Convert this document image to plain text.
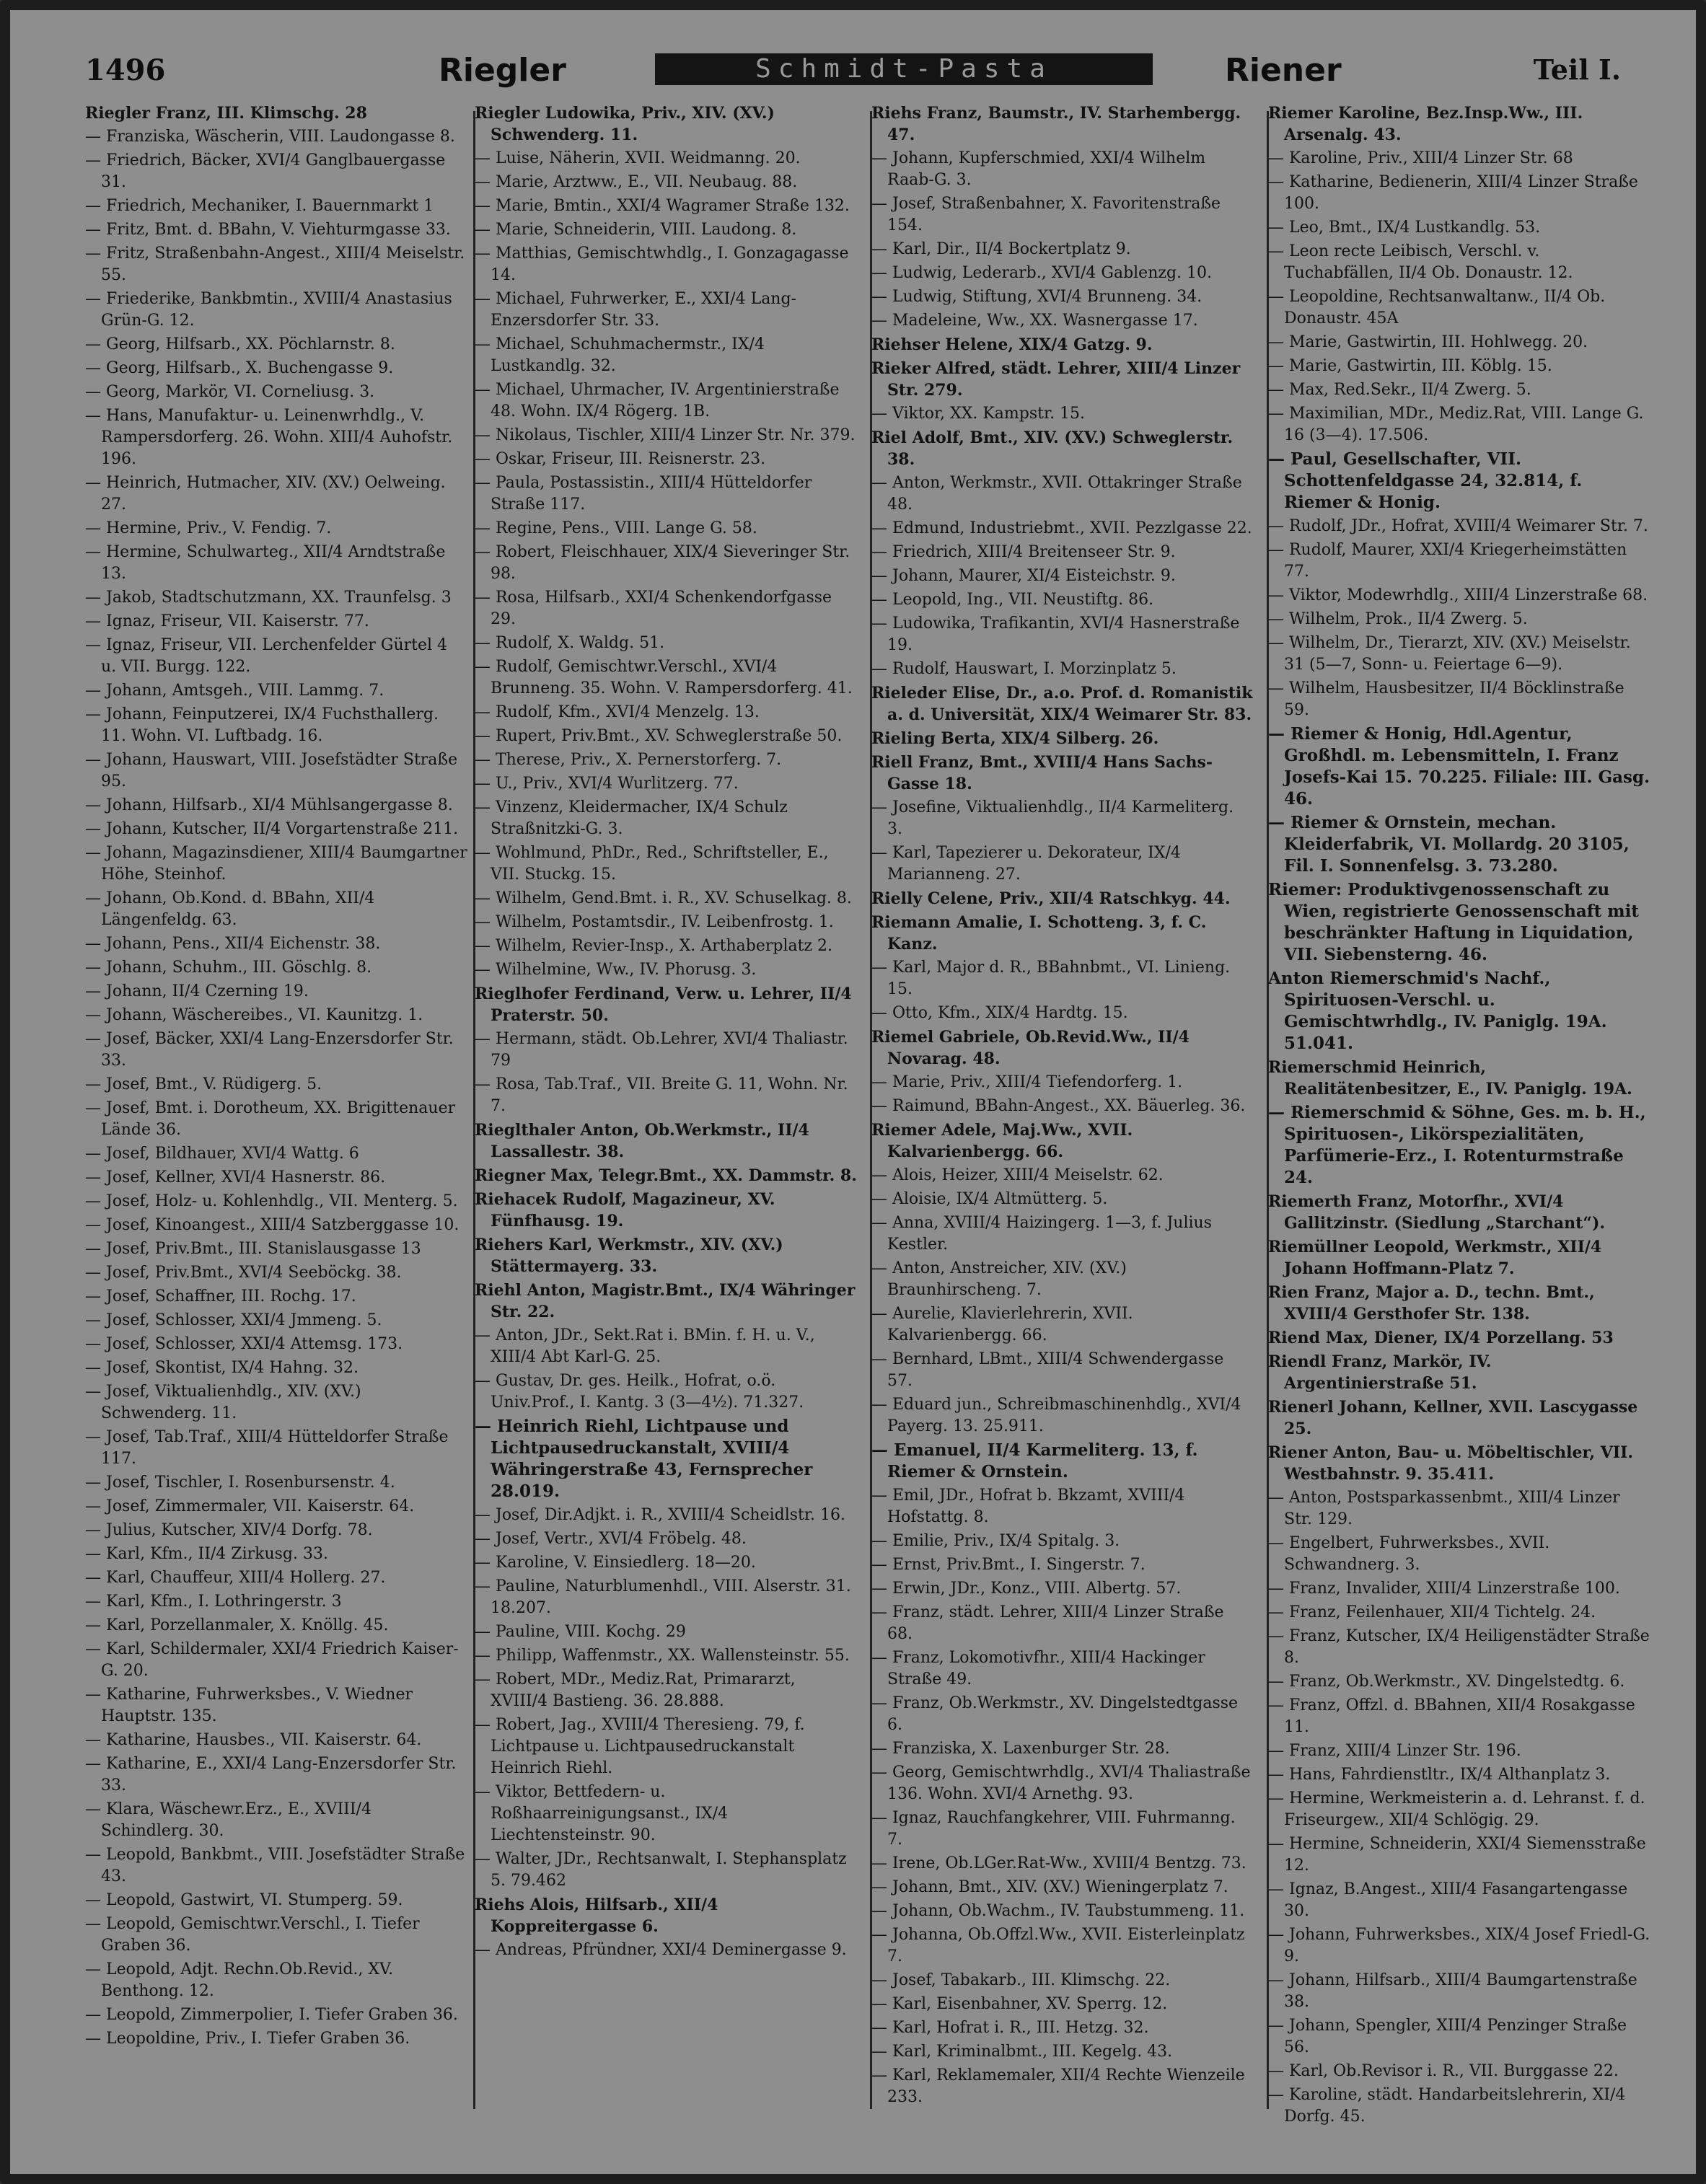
1496	Riegler	Schmidt-Pasta	Riener	Teil I.
Riegler Franz, III. Klimschg. 28
— Franziska, Wäscherin, VIII. Laudongasse 8.
— Friedrich, Bäcker, XVI/4 Ganglbauergasse 31.
— Friedrich, Mechaniker, I. Bauernmarkt 1
— Fritz, Bmt. d. BBahn, V. Viehturmgasse 33.
— Fritz, Straßenbahn-Angest., XIII/4 Meiselstr. 55.
— Friederike, Bankbmtin., XVIII/4 Anastasius Grün-G. 12.
— Georg, Hilfsarb., XX. Pöchlarnstr. 8.
— Georg, Hilfsarb., X. Buchengasse 9.
— Georg, Markör, VI. Corneliusg. 3.
— Hans, Manufaktur- u. Leinenwrhdlg., V. Rampersdorferg. 26. Wohn. XIII/4 Auhofstr. 196.
— Heinrich, Hutmacher, XIV. (XV.) Oelweing. 27.
— Hermine, Priv., V. Fendig. 7.
— Hermine, Schulwarteg., XII/4 Arndtstraße 13.
— Jakob, Stadtschutzmann, XX. Traunfelsg. 3
— Ignaz, Friseur, VII. Kaiserstr. 77.
— Ignaz, Friseur, VII. Lerchenfelder Gürtel 4 u. VII. Burgg. 122.
— Johann, Amtsgeh., VIII. Lammg. 7.
— Johann, Feinputzerei, IX/4 Fuchsthallerg. 11. Wohn. VI. Luftbadg. 16.
— Johann, Hauswart, VIII. Josefstädter Straße 95.
— Johann, Hilfsarb., XI/4 Mühlsangergasse 8.
— Johann, Kutscher, II/4 Vorgartenstraße 211.
— Johann, Magazinsdiener, XIII/4 Baumgartner Höhe, Steinhof.
— Johann, Ob.Kond. d. BBahn, XII/4 Längenfeldg. 63.
— Johann, Pens., XII/4 Eichenstr. 38.
— Johann, Schuhm., III. Göschlg. 8.
— Johann, II/4 Czerning 19.
— Johann, Wäschereibes., VI. Kaunitzg. 1.
— Josef, Bäcker, XXI/4 Lang-Enzersdorfer Str. 33.
— Josef, Bmt., V. Rüdigerg. 5.
— Josef, Bmt. i. Dorotheum, XX. Brigittenauer Lände 36.
— Josef, Bildhauer, XVI/4 Wattg. 6
— Josef, Kellner, XVI/4 Hasnerstr. 86.
— Josef, Holz- u. Kohlenhdlg., VII. Menterg. 5.
— Josef, Kinoangest., XIII/4 Satzberggasse 10.
— Josef, Priv.Bmt., III. Stanislausgasse 13
— Josef, Priv.Bmt., XVI/4 Seeböckg. 38.
— Josef, Schaffner, III. Rochg. 17.
— Josef, Schlosser, XXI/4 Jmmeng. 5.
— Josef, Schlosser, XXI/4 Attemsg. 173.
— Josef, Skontist, IX/4 Hahng. 32.
— Josef, Viktualienhdlg., XIV. (XV.) Schwenderg. 11.
— Josef, Tab.Traf., XIII/4 Hütteldorfer Straße 117.
— Josef, Tischler, I. Rosenbursenstr. 4.
— Josef, Zimmermaler, VII. Kaiserstr. 64.
— Julius, Kutscher, XIV/4 Dorfg. 78.
— Karl, Kfm., II/4 Zirkusg. 33.
— Karl, Chauffeur, XIII/4 Hollerg. 27.
— Karl, Kfm., I. Lothringerstr. 3
— Karl, Porzellanmaler, X. Knöllg. 45.
— Karl, Schildermaler, XXI/4 Friedrich Kaiser-G. 20.
— Katharine, Fuhrwerksbes., V. Wiedner Hauptstr. 135.
— Katharine, Hausbes., VII. Kaiserstr. 64.
— Katharine, E., XXI/4 Lang-Enzersdorfer Str. 33.
— Klara, Wäschewr.Erz., E., XVIII/4 Schindlerg. 30.
— Leopold, Bankbmt., VIII. Josefstädter Straße 43.
— Leopold, Gastwirt, VI. Stumperg. 59.
— Leopold, Gemischtwr.Verschl., I. Tiefer Graben 36.
— Leopold, Adjt. Rechn.Ob.Revid., XV. Benthong. 12.
— Leopold, Zimmerpolier, I. Tiefer Graben 36.
— Leopoldine, Priv., I. Tiefer Graben 36.
Riegler Ludowika, Priv., XIV. (XV.) Schwenderg. 11.
— Luise, Näherin, XVII. Weidmanng. 20.
— Marie, Arztww., E., VII. Neubaug. 88.
— Marie, Bmtin., XXI/4 Wagramer Straße 132.
— Marie, Schneiderin, VIII. Laudong. 8.
— Matthias, Gemischtwhdlg., I. Gonzagagasse 14.
— Michael, Fuhrwerker, E., XXI/4 Lang-Enzersdorfer Str. 33.
— Michael, Schuhmachermstr., IX/4 Lustkandlg. 32.
— Michael, Uhrmacher, IV. Argentinierstraße 48. Wohn. IX/4 Rögerg. 1B.
— Nikolaus, Tischler, XIII/4 Linzer Str. Nr. 379.
— Oskar, Friseur, III. Reisnerstr. 23.
— Paula, Postassistin., XIII/4 Hütteldorfer Straße 117.
— Regine, Pens., VIII. Lange G. 58.
— Robert, Fleischhauer, XIX/4 Sieveringer Str. 98.
— Rosa, Hilfsarb., XXI/4 Schenkendorfgasse 29.
— Rudolf, X. Waldg. 51.
— Rudolf, Gemischtwr.Verschl., XVI/4 Brunneng. 35. Wohn. V. Rampersdorferg. 41.
— Rudolf, Kfm., XVI/4 Menzelg. 13.
— Rupert, Priv.Bmt., XV. Schweglerstraße 50.
— Therese, Priv., X. Pernerstorferg. 7.
— U., Priv., XVI/4 Wurlitzerg. 77.
— Vinzenz, Kleidermacher, IX/4 Schulz Straßnitzki-G. 3.
— Wohlmund, PhDr., Red., Schriftsteller, E., VII. Stuckg. 15.
— Wilhelm, Gend.Bmt. i. R., XV. Schuselkag. 8.
— Wilhelm, Postamtsdir., IV. Leibenfrostg. 1.
— Wilhelm, Revier-Insp., X. Arthaberplatz 2.
— Wilhelmine, Ww., IV. Phorusg. 3.
Rieglhofer Ferdinand, Verw. u. Lehrer, II/4 Praterstr. 50.
— Hermann, städt. Ob.Lehrer, XVI/4 Thaliastr. 79
— Rosa, Tab.Traf., VII. Breite G. 11, Wohn. Nr. 7.
Rieglthaler Anton, Ob.Werkmstr., II/4 Lassallestr. 38.
Riegner Max, Telegr.Bmt., XX. Dammstr. 8.
Riehacek Rudolf, Magazineur, XV. Fünfhausg. 19.
Riehers Karl, Werkmstr., XIV. (XV.) Stättermayerg. 33.
Riehl Anton, Magistr.Bmt., IX/4 Währinger Str. 22.
— Anton, JDr., Sekt.Rat i. BMin. f. H. u. V., XIII/4 Abt Karl-G. 25.
— Gustav, Dr. ges. Heilk., Hofrat, o.ö. Univ.Prof., I. Kantg. 3 (3—4½). 71.327.
— Heinrich Riehl, Lichtpause und Lichtpausedruckanstalt, XVIII/4 Währingerstraße 43, Fernsprecher 28.019.
— Josef, Dir.Adjkt. i. R., XVIII/4 Scheidlstr. 16.
— Josef, Vertr., XVI/4 Fröbelg. 48.
— Karoline, V. Einsiedlerg. 18—20.
— Pauline, Naturblumenhdl., VIII. Alserstr. 31. 18.207.
— Pauline, VIII. Kochg. 29
— Philipp, Waffenmstr., XX. Wallensteinstr. 55.
— Robert, MDr., Mediz.Rat, Primararzt, XVIII/4 Bastieng. 36. 28.888.
— Robert, Jag., XVIII/4 Theresieng. 79, f. Lichtpause u. Lichtpausedruckanstalt Heinrich Riehl.
— Viktor, Bettfedern- u. Roßhaarreinigungsanst., IX/4 Liechtensteinstr. 90.
— Walter, JDr., Rechtsanwalt, I. Stephansplatz 5. 79.462
Riehs Alois, Hilfsarb., XII/4 Koppreitergasse 6.
— Andreas, Pfründner, XXI/4 Deminergasse 9.
Riehs Franz, Baumstr., IV. Starhembergg. 47.
— Johann, Kupferschmied, XXI/4 Wilhelm Raab-G. 3.
— Josef, Straßenbahner, X. Favoritenstraße 154.
— Karl, Dir., II/4 Bockertplatz 9.
— Ludwig, Lederarb., XVI/4 Gablenzg. 10.
— Ludwig, Stiftung, XVI/4 Brunneng. 34.
— Madeleine, Ww., XX. Wasnergasse 17.
Riehser Helene, XIX/4 Gatzg. 9.
Rieker Alfred, städt. Lehrer, XIII/4 Linzer Str. 279.
— Viktor, XX. Kampstr. 15.
Riel Adolf, Bmt., XIV. (XV.) Schweglerstr. 38.
— Anton, Werkmstr., XVII. Ottakringer Straße 48.
— Edmund, Industriebmt., XVII. Pezzlgasse 22.
— Friedrich, XIII/4 Breitenseer Str. 9.
— Johann, Maurer, XI/4 Eisteichstr. 9.
— Leopold, Ing., VII. Neustiftg. 86.
— Ludowika, Trafikantin, XVI/4 Hasnerstraße 19.
— Rudolf, Hauswart, I. Morzinplatz 5.
Rieleder Elise, Dr., a.o. Prof. d. Romanistik a. d. Universität, XIX/4 Weimarer Str. 83.
Rieling Berta, XIX/4 Silberg. 26.
Riell Franz, Bmt., XVIII/4 Hans Sachs-Gasse 18.
— Josefine, Viktualienhdlg., II/4 Karmeliterg. 3.
— Karl, Tapezierer u. Dekorateur, IX/4 Marianneng. 27.
Rielly Celene, Priv., XII/4 Ratschkyg. 44.
Riemann Amalie, I. Schotteng. 3, f. C. Kanz.
— Karl, Major d. R., BBahnbmt., VI. Linieng. 15.
— Otto, Kfm., XIX/4 Hardtg. 15.
Riemel Gabriele, Ob.Revid.Ww., II/4 Novarag. 48.
— Marie, Priv., XIII/4 Tiefendorferg. 1.
— Raimund, BBahn-Angest., XX. Bäuerleg. 36.
Riemer Adele, Maj.Ww., XVII. Kalvarienbergg. 66.
— Alois, Heizer, XIII/4 Meiselstr. 62.
— Aloisie, IX/4 Altmütterg. 5.
— Anna, XVIII/4 Haizingerg. 1—3, f. Julius Kestler.
— Anton, Anstreicher, XIV. (XV.) Braunhirscheng. 7.
— Aurelie, Klavierlehrerin, XVII. Kalvarienbergg. 66.
— Bernhard, LBmt., XIII/4 Schwendergasse 57.
— Eduard jun., Schreibmaschinenhdlg., XVI/4 Payerg. 13. 25.911.
— Emanuel, II/4 Karmeliterg. 13, f. Riemer & Ornstein.
— Emil, JDr., Hofrat b. Bkzamt, XVIII/4 Hofstattg. 8.
— Emilie, Priv., IX/4 Spitalg. 3.
— Ernst, Priv.Bmt., I. Singerstr. 7.
— Erwin, JDr., Konz., VIII. Albertg. 57.
— Franz, städt. Lehrer, XIII/4 Linzer Straße 68.
— Franz, Lokomotivfhr., XIII/4 Hackinger Straße 49.
— Franz, Ob.Werkmstr., XV. Dingelstedtgasse 6.
— Franziska, X. Laxenburger Str. 28.
— Georg, Gemischtwrhdlg., XVI/4 Thaliastraße 136. Wohn. XVI/4 Arnethg. 93.
— Ignaz, Rauchfangkehrer, VIII. Fuhrmanng. 7.
— Irene, Ob.LGer.Rat-Ww., XVIII/4 Bentzg. 73.
— Johann, Bmt., XIV. (XV.) Wieningerplatz 7.
— Johann, Ob.Wachm., IV. Taubstummeng. 11.
— Johanna, Ob.Offzl.Ww., XVII. Eisterleinplatz 7.
— Josef, Tabakarb., III. Klimschg. 22.
— Karl, Eisenbahner, XV. Sperrg. 12.
— Karl, Hofrat i. R., III. Hetzg. 32.
— Karl, Kriminalbmt., III. Kegelg. 43.
— Karl, Reklamemaler, XII/4 Rechte Wienzeile 233.
Riemer Karoline, Bez.Insp.Ww., III. Arsenalg. 43.
— Karoline, Priv., XIII/4 Linzer Str. 68
— Katharine, Bedienerin, XIII/4 Linzer Straße 100.
— Leo, Bmt., IX/4 Lustkandlg. 53.
— Leon recte Leibisch, Verschl. v. Tuchabfällen, II/4 Ob. Donaustr. 12.
— Leopoldine, Rechtsanwaltanw., II/4 Ob. Donaustr. 45A
— Marie, Gastwirtin, III. Hohlwegg. 20.
— Marie, Gastwirtin, III. Köblg. 15.
— Max, Red.Sekr., II/4 Zwerg. 5.
— Maximilian, MDr., Mediz.Rat, VIII. Lange G. 16 (3—4). 17.506.
— Paul, Gesellschafter, VII. Schottenfeldgasse 24, 32.814, f. Riemer & Honig.
— Rudolf, JDr., Hofrat, XVIII/4 Weimarer Str. 7.
— Rudolf, Maurer, XXI/4 Kriegerheimstätten 77.
— Viktor, Modewrhdlg., XIII/4 Linzerstraße 68.
— Wilhelm, Prok., II/4 Zwerg. 5.
— Wilhelm, Dr., Tierarzt, XIV. (XV.) Meiselstr. 31 (5—7, Sonn- u. Feiertage 6—9).
— Wilhelm, Hausbesitzer, II/4 Böcklinstraße 59.
— Riemer & Honig, Hdl.Agentur, Großhdl. m. Lebensmitteln, I. Franz Josefs-Kai 15. 70.225. Filiale: III. Gasg. 46.
— Riemer & Ornstein, mechan. Kleiderfabrik, VI. Mollardg. 20 3105, Fil. I. Sonnenfelsg. 3. 73.280.
Riemer: Produktivgenossenschaft zu Wien, registrierte Genossenschaft mit beschränkter Haftung in Liquidation, VII. Siebensterng. 46.
Anton Riemerschmid's Nachf., Spirituosen-Verschl. u. Gemischtwrhdlg., IV. Paniglg. 19A. 51.041.
Riemerschmid Heinrich, Realitätenbesitzer, E., IV. Paniglg. 19A.
— Riemerschmid & Söhne, Ges. m. b. H., Spirituosen-, Likörspezialitäten, Parfümerie-Erz., I. Rotenturmstraße 24.
Riemerth Franz, Motorfhr., XVI/4 Gallitzinstr. (Siedlung „Starchant“).
Riemüllner Leopold, Werkmstr., XII/4 Johann Hoffmann-Platz 7.
Rien Franz, Major a. D., techn. Bmt., XVIII/4 Gersthofer Str. 138.
Riend Max, Diener, IX/4 Porzellang. 53
Riendl Franz, Markör, IV. Argentinierstraße 51.
Rienerl Johann, Kellner, XVII. Lascygasse 25.
Riener Anton, Bau- u. Möbeltischler, VII. Westbahnstr. 9. 35.411.
— Anton, Postsparkassenbmt., XIII/4 Linzer Str. 129.
— Engelbert, Fuhrwerksbes., XVII. Schwandnerg. 3.
— Franz, Invalider, XIII/4 Linzerstraße 100.
— Franz, Feilenhauer, XII/4 Tichtelg. 24.
— Franz, Kutscher, IX/4 Heiligenstädter Straße 8.
— Franz, Ob.Werkmstr., XV. Dingelstedtg. 6.
— Franz, Offzl. d. BBahnen, XII/4 Rosakgasse 11.
— Franz, XIII/4 Linzer Str. 196.
— Hans, Fahrdienstltr., IX/4 Althanplatz 3.
— Hermine, Werkmeisterin a. d. Lehranst. f. d. Friseurgew., XII/4 Schlögig. 29.
— Hermine, Schneiderin, XXI/4 Siemensstraße 12.
— Ignaz, B.Angest., XIII/4 Fasangartengasse 30.
— Johann, Fuhrwerksbes., XIX/4 Josef Friedl-G. 9.
— Johann, Hilfsarb., XIII/4 Baumgartenstraße 38.
— Johann, Spengler, XIII/4 Penzinger Straße 56.
— Karl, Ob.Revisor i. R., VII. Burggasse 22.
— Karoline, städt. Handarbeitslehrerin, XI/4 Dorfg. 45.
